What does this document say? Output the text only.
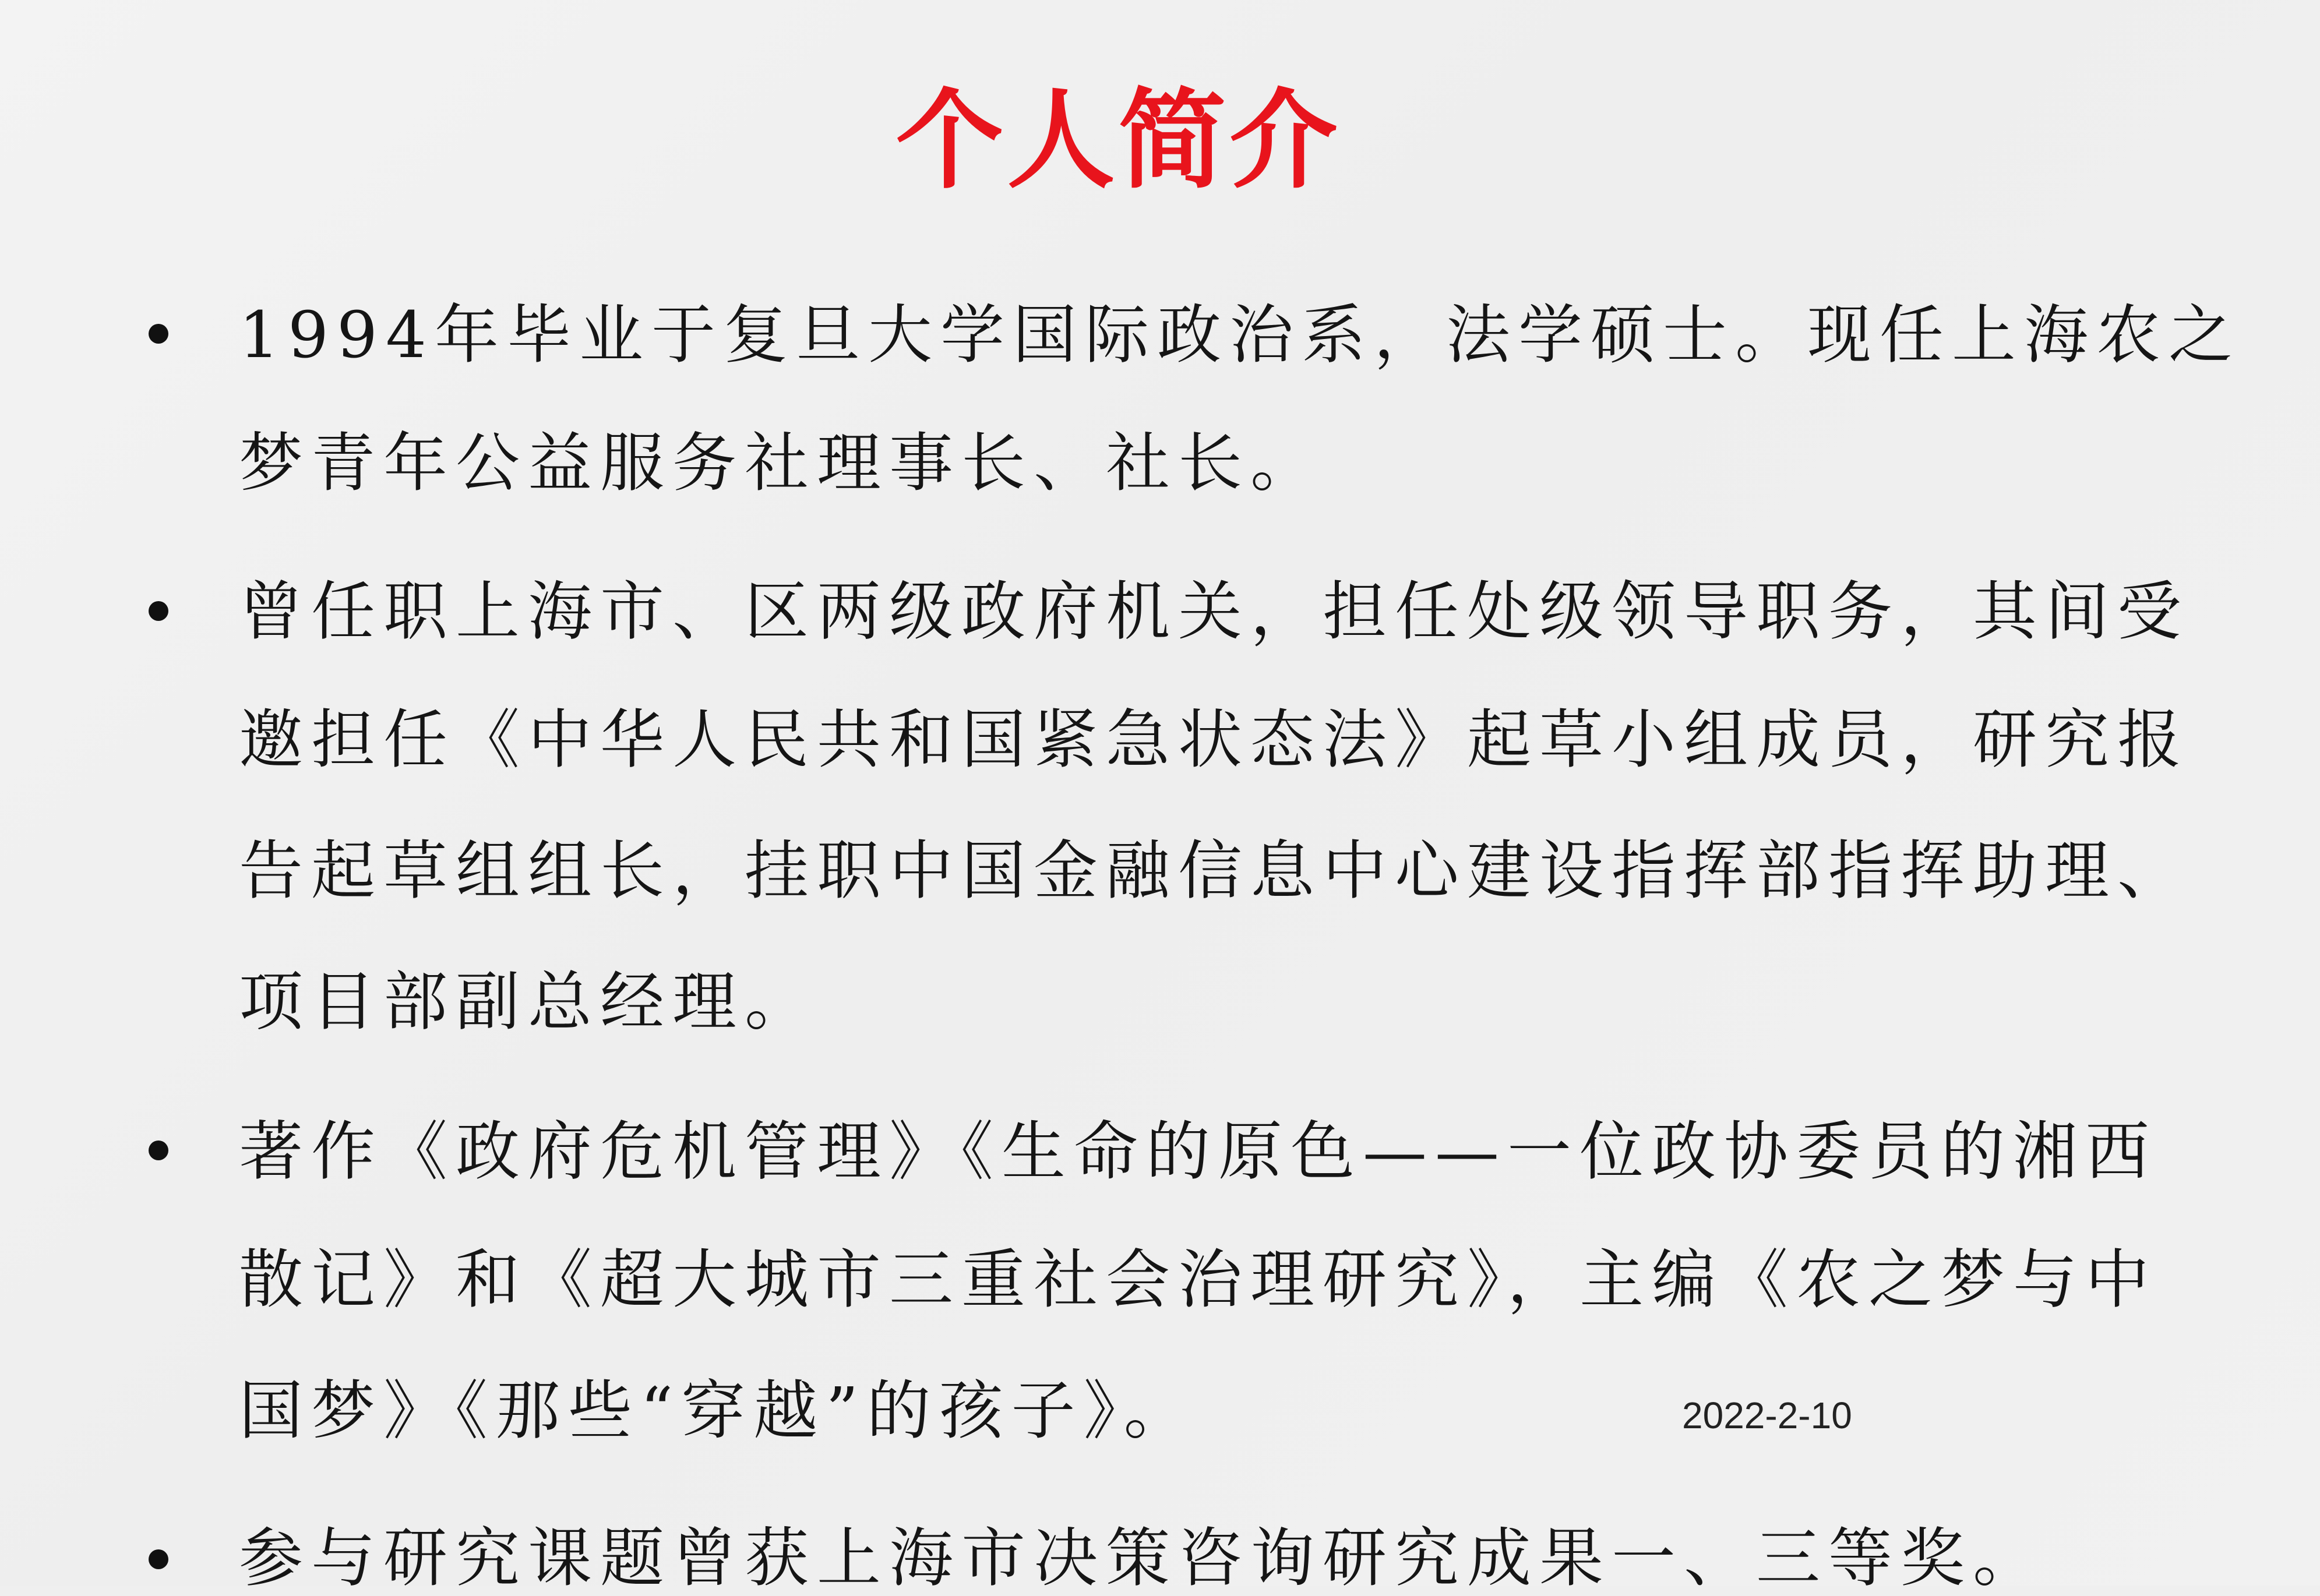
个人简介
1994年毕业于复旦大学国际政治系，法学硕士。现任上海农之
梦青年公益服务社理事长、社长。
曾任职上海市、区两级政府机关，担任处级领导职务，其间受
邀担任《中华人民共和国紧急状态法》起草小组成员，研究报
告起草组组长，挂职中国金融信息中心建设指挥部指挥助理、
项目部副总经理。
著作《政府危机管理》《生命的原色——一位政协委员的湘西
散记》和《超大城市三重社会治理研究》，主编《农之梦与中
国梦》《那些“穿越”的孩子》。
参与研究课题曾获上海市决策咨询研究成果一、三等奖。
2022-2-10
